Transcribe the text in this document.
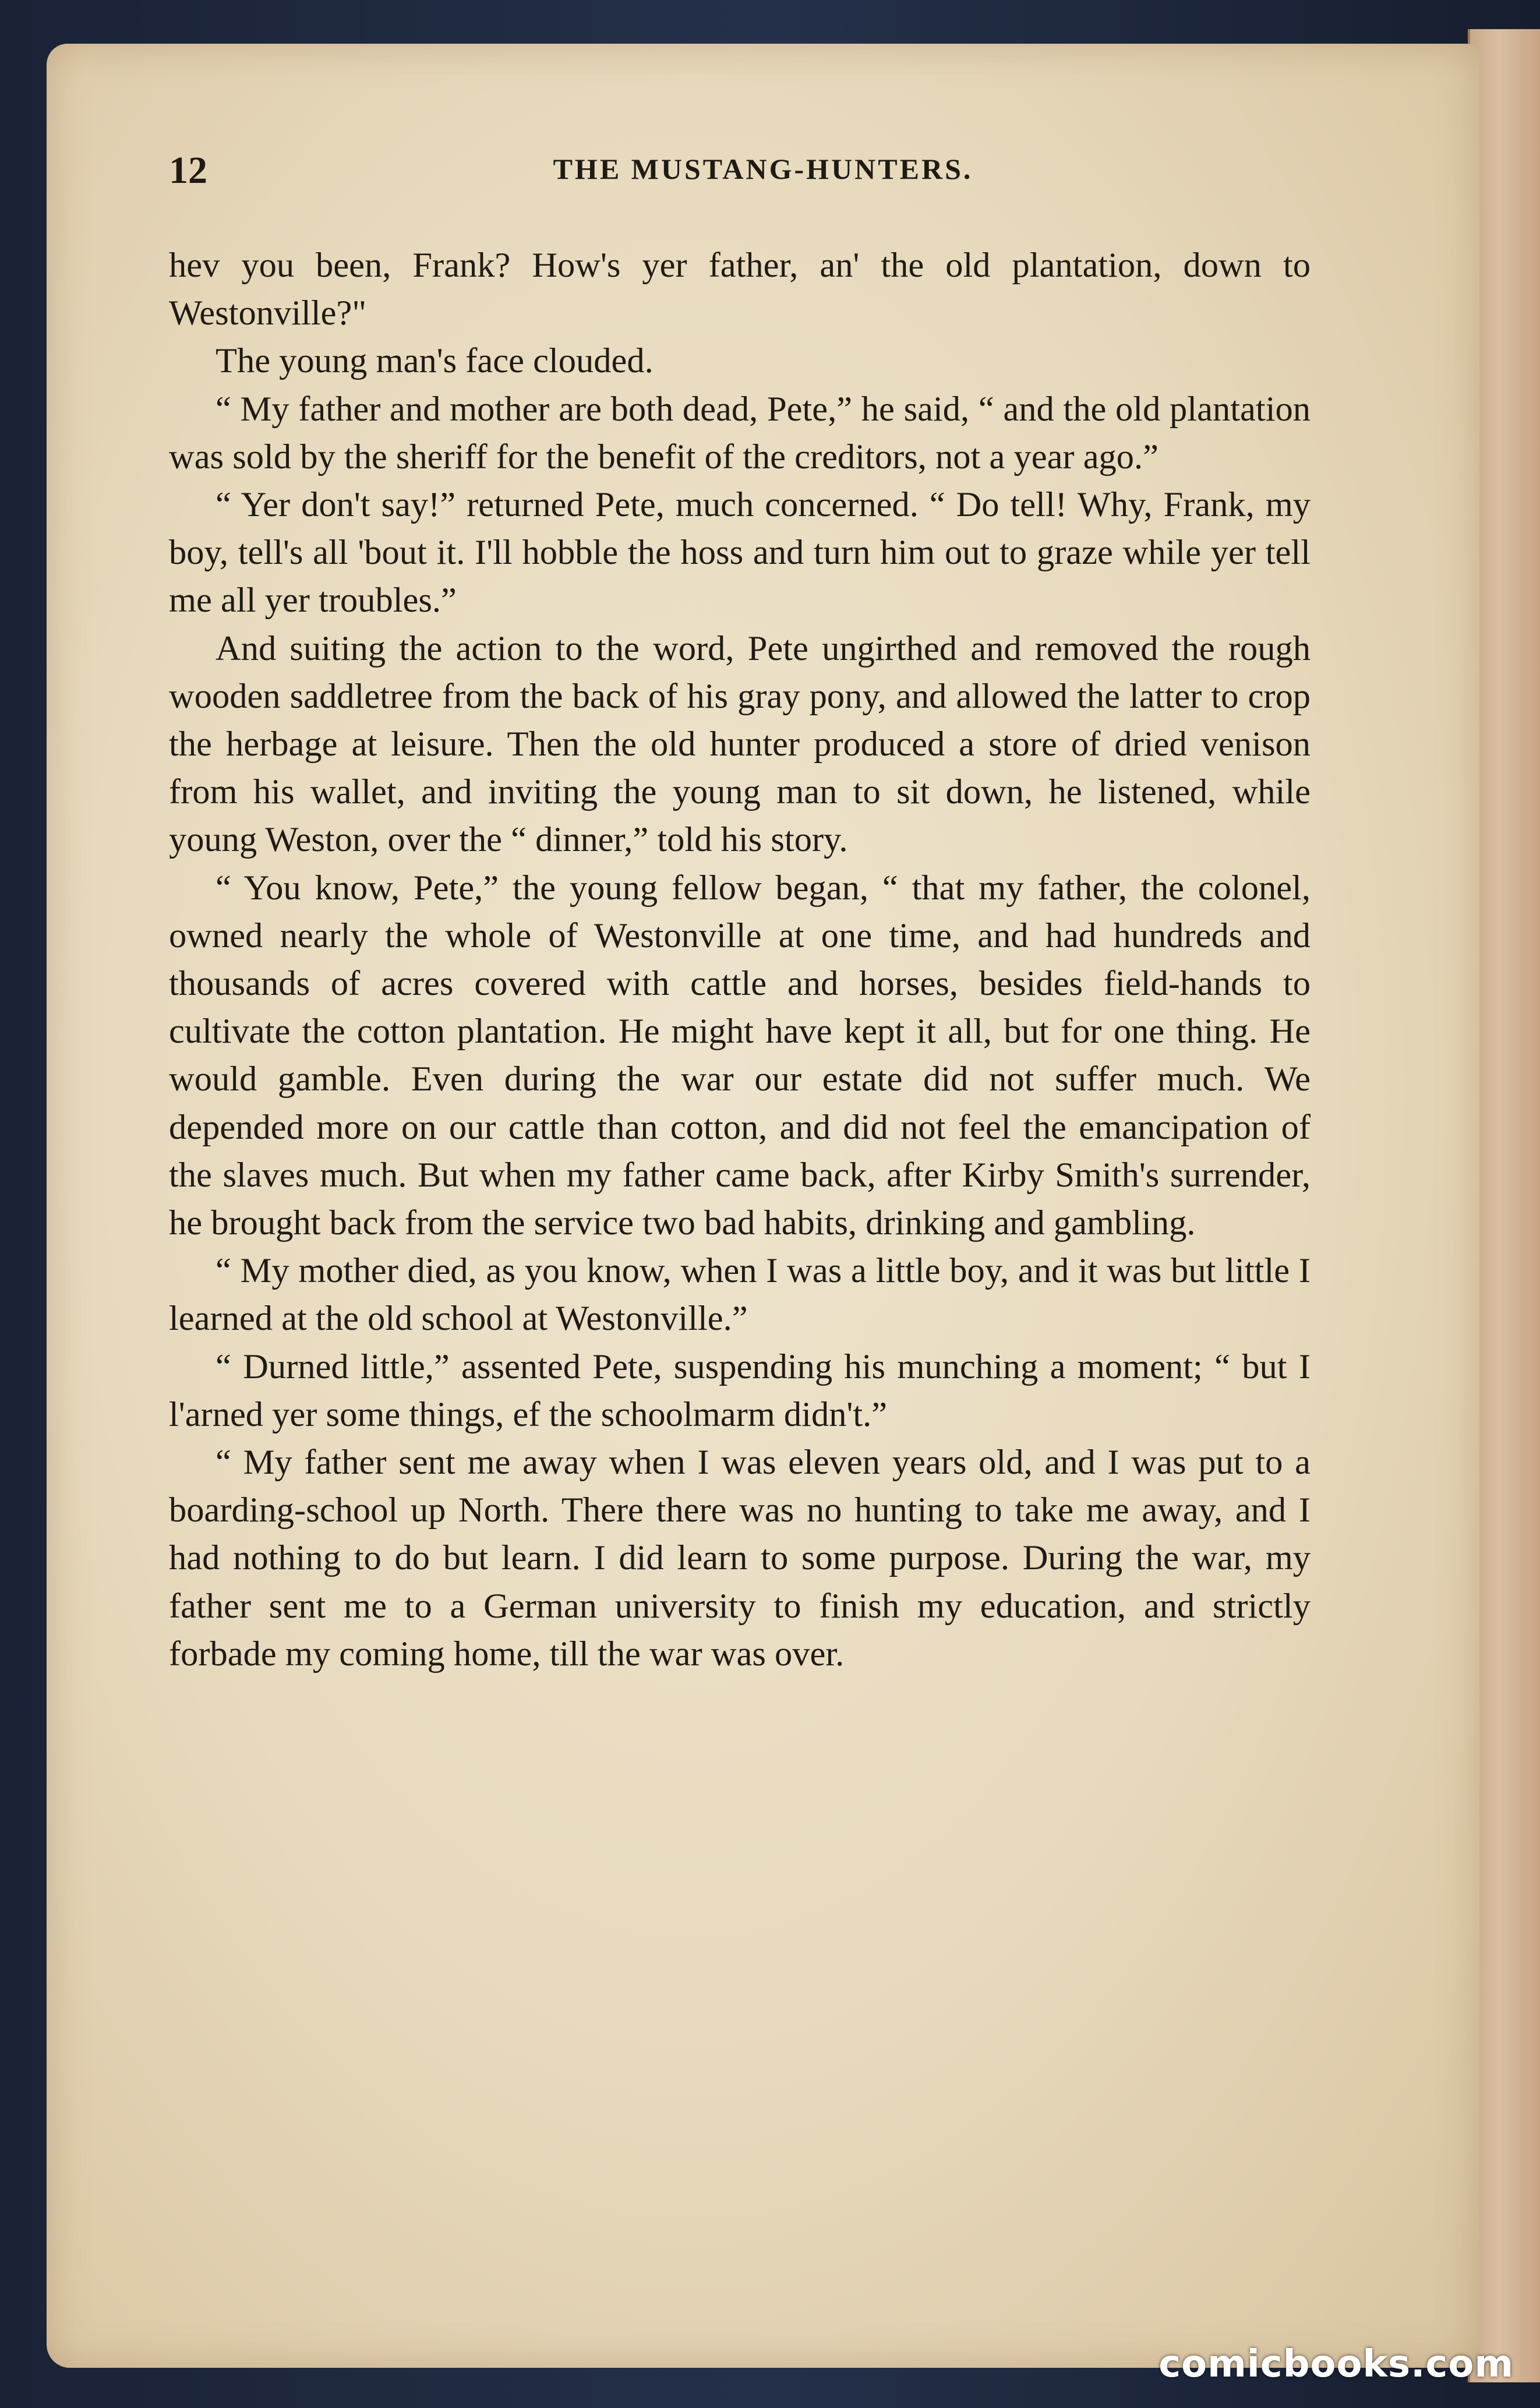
12	THE MUSTANG-HUNTERS.

hev you been, Frank? How's yer father, an' the old plantation, down to Westonville?"

The young man's face clouded.

“ My father and mother are both dead, Pete,” he said, “ and the old plantation was sold by the sheriff for the benefit of the creditors, not a year ago.”

“ Yer don't say!” returned Pete, much concerned. “ Do tell! Why, Frank, my boy, tell's all 'bout it. I'll hobble the hoss and turn him out to graze while yer tell me all yer troubles.”

And suiting the action to the word, Pete ungirthed and removed the rough wooden saddletree from the back of his gray pony, and allowed the latter to crop the herbage at leisure. Then the old hunter produced a store of dried venison from his wallet, and inviting the young man to sit down, he listened, while young Weston, over the “ dinner,” told his story.

“ You know, Pete,” the young fellow began, “ that my father, the colonel, owned nearly the whole of Westonville at one time, and had hundreds and thousands of acres covered with cattle and horses, besides field-hands to cultivate the cotton plantation. He might have kept it all, but for one thing. He would gamble. Even during the war our estate did not suffer much. We depended more on our cattle than cotton, and did not feel the emancipation of the slaves much. But when my father came back, after Kirby Smith's surrender, he brought back from the service two bad habits, drinking and gambling.

“ My mother died, as you know, when I was a little boy, and it was but little I learned at the old school at Westonville.”

“ Durned little,” assented Pete, suspending his munching a moment; “ but I l'arned yer some things, ef the schoolmarm didn't.”

“ My father sent me away when I was eleven years old, and I was put to a boarding-school up North. There there was no hunting to take me away, and I had nothing to do but learn. I did learn to some purpose. During the war, my father sent me to a German university to finish my education, and strictly forbade my coming home, till the war was over.

comicbooks.com
